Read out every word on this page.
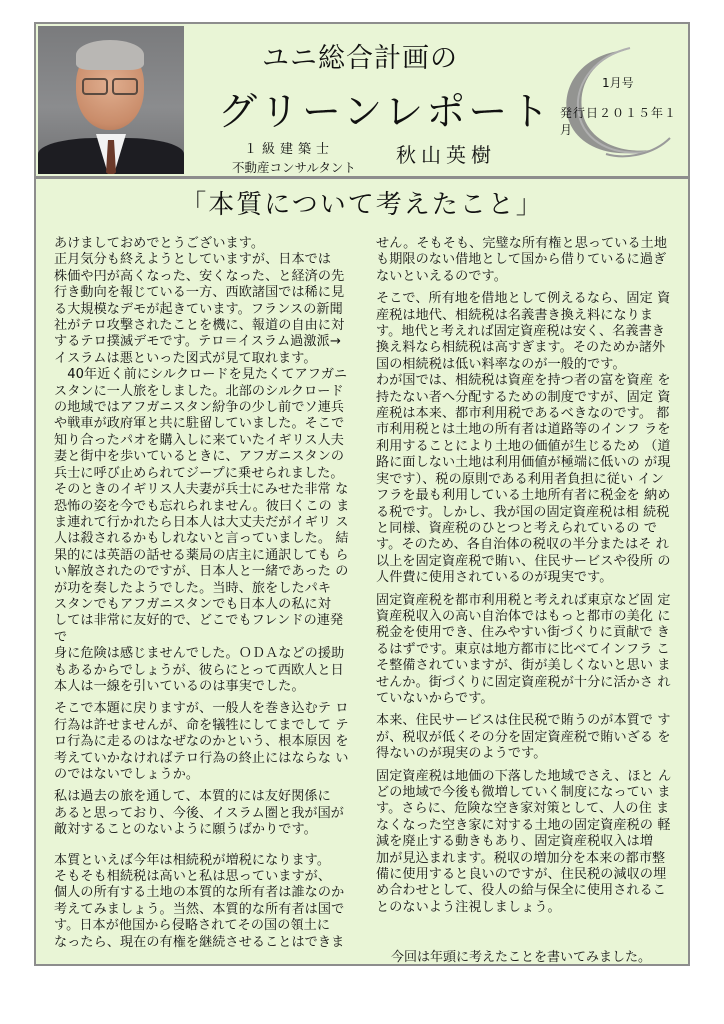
ユニ総合計画の
グリーンレポート
１級建築士
不動産コンサルタント
秋山英樹
1月号
発行日２０１５年１月
「本質について考えたこと」

あけましておめでとうございます。
正月気分も終えようとしていますが、日本では
株価や円が高くなった、安くなった、と経済の先
行き動向を報じている一方、西欧諸国では稀に見
る大規模なデモが起きています。フランスの新聞
社がテロ攻撃されたことを機に、報道の自由に対
するテロ撲滅デモです。テロ＝イスラム過激派→
イスラムは悪といった図式が見て取れます。
　40年近く前にシルクロードを見たくてアフガニ
スタンに一人旅をしました。北部のシルクロード
の地域ではアフガニスタン紛争の少し前でソ連兵
や戦車が政府軍と共に駐留していました。そこで
知り合ったパオを購入しに来ていたイギリス人夫
妻と街中を歩いているときに、アフガニスタンの
兵士に呼び止められてジープに乗せられました。
そのときのイギリス人夫妻が兵士にみせた非常 な
恐怖の姿を今でも忘れられません。彼曰くこの ま
ま連れて行かれたら日本人は大丈夫だがイギリ ス
人は殺されるかもしれないと言っていました。 結
果的には英語の話せる薬局の店主に通訳しても ら
い解放されたのですが、日本人と一緒であった の
が功を奏したようでした。当時、旅をしたパキ
スタンでもアフガニスタンでも日本人の私に対
しては非常に友好的で、どこでもフレンドの連発で
身に危険は感じませんでした。ＯＤＡなどの援助
もあるからでしょうが、彼らにとって西欧人と日
本人は一線を引いているのは事実でした。

そこで本題に戻りますが、一般人を巻き込むテ ロ
行為は許せませんが、命を犠牲にしてまでして テ
ロ行為に走るのはなぜなのかという、根本原因 を
考えていかなければテロ行為の終止にはならな い
のではないでしょうか。

私は過去の旅を通して、本質的には友好関係に
あると思っており、今後、イスラム圏と我が国が
敵対することのないように願うばかりです。

本質といえば今年は相続税が増税になります。
そもそも相続税は高いと私は思っていますが、
個人の所有する土地の本質的な所有者は誰なのか
考えてみましょう。当然、本質的な所有者は国で
す。日本が他国から侵略されてその国の領土に
なったら、現在の有権を継続させることはできま

せん。そもそも、完璧な所有権と思っている土地
も期限のない借地として国から借りているに過ぎ
ないといえるのです。

そこで、所有地を借地として例えるなら、固定 資
産税は地代、相続税は名義書き換え料になりま
す。地代と考えれば固定資産税は安く、名義書き
換え料なら相続税は高すぎます。そのためか諸外
国の相続税は低い料率なのが一般的です。
わが国では、相続税は資産を持つ者の富を資産 を
持たない者へ分配するための制度ですが、固定 資
産税は本来、都市利用税であるべきなのです。 都
市利用税とは土地の所有者は道路等のインフ ラを
利用することにより土地の価値が生じるため （道
路に面しない土地は利用価値が極端に低いの が現
実です）、税の原則である利用者負担に従い イン
フラを最も利用している土地所有者に税金を 納め
る税です。しかし、我が国の固定資産税は相 続税
と同様、資産税のひとつと考えられているの で
す。そのため、各自治体の税収の半分またはそ れ
以上を固定資産税で賄い、住民サービスや役所 の
人件費に使用されているのが現実です。

固定資産税を都市利用税と考えれば東京など固 定
資産税収入の高い自治体ではもっと都市の美化 に
税金を使用でき、住みやすい街づくりに貢献で き
るはずです。東京は地方都市に比べてインフラ こ
そ整備されていますが、街が美しくないと思い ま
せんか。街づくりに固定資産税が十分に活かさ れ
ていないからです。

本来、住民サービスは住民税で賄うのが本質で す
が、税収が低くその分を固定資産税で賄いざる を
得ないのが現実のようです。

固定資産税は地価の下落した地域でさえ、ほと ん
どの地域で今後も微増していく制度になってい ま
す。さらに、危険な空き家対策として、人の住 ま
なくなった空き家に対する土地の固定資産税の 軽
減を廃止する動きもあり、固定資産税収入は増
加が見込まれます。税収の増加分を本来の都市整
備に使用すると良いのですが、住民税の減収の埋
め合わせとして、役人の給与保全に使用されるこ
とのないよう注視しましょう。

今回は年頭に考えたことを書いてみました。
